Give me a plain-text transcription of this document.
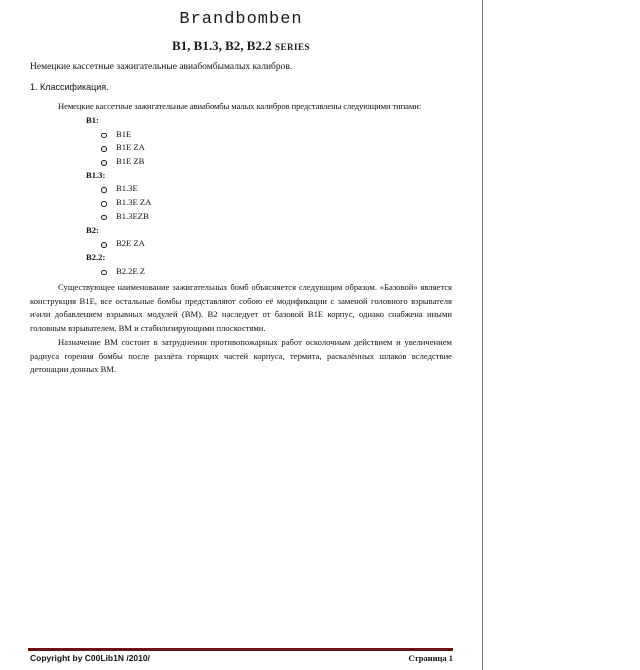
Brandbomben
B1, B1.3, B2, B2.2 SERIES
Немецкие кассетные зажигательные авиабомбымалых калибров.
1. Классификация.
Немецкие кассетные зажигательные авиабомбы малых калибров представлены следующими типами:
B1:
B1E
B1E ZA
B1E ZB
B1.3:
B1.3E
B1.3E ZA
B1.3EZB
B2:
B2E ZA
B2.2:
B2.2E Z

Существующее наименование зажигательных бомб объясняется следующим образом. «Базовой» является конструкция B1E, все остальные бомбы представляют собою её модификации с заменой головного взрывателя и\или добавлением взрывных модулей (BM). B2 наследует от базовой B1E корпус, однако снабжена иными головным взрывателем, BM и стабилизирующими плоскостями.

Назначение BM состоит в затруднении противопожарных работ осколочным действием и увеличением радиуса горения бомбы после разлёта горящих частей корпуса, термита, раскалённых шлаков вследствие детонации донных BM.

Copyright by C00Lib1N /2010/	Страница 1
